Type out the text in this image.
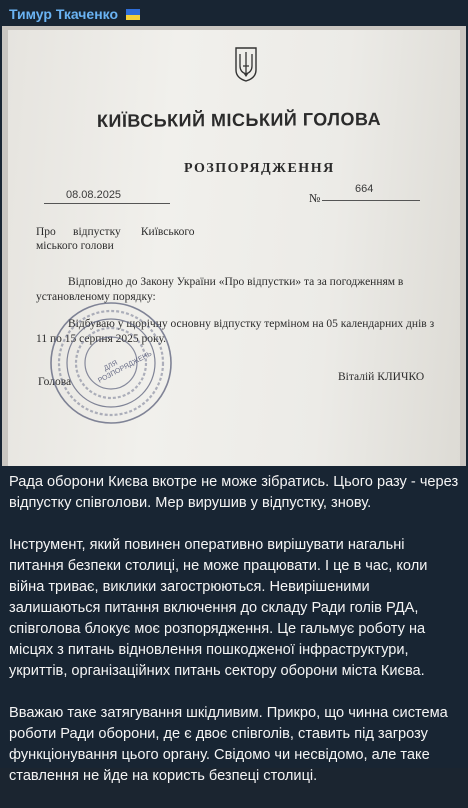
Тимур Ткаченко
КИЇВСЬКИЙ МІСЬКИЙ ГОЛОВА
РОЗПОРЯДЖЕННЯ
08.08.2025	№
664
Про      відпустку       Київського
міського голови
Відповідно до Закону України «Про відпустки» та за погодженням в
установленому порядку:
Відбуваю у щорічну основну відпустку терміном на 05 календарних днів з
11 по 15 серпня 2025 року.
Голова	Віталій КЛИЧКО
ДЛЯ РОЗПОРЯДЖЕНЬ

Рада оборони Києва вкотре не може зібратись. Цього разу - через відпустку співголови. Мер вирушив у відпустку, знову.

Інструмент, який повинен оперативно вирішувати нагальні питання безпеки столиці, не може працювати. І це в час, коли війна триває, виклики загострюються. Невирішеними залишаються питання включення до складу Ради голів РДА, співголова блокує моє розпорядження. Це гальмує роботу на місцях з питань відновлення пошкодженої інфраструктури, укриттів, організаційних питань сектору оборони міста Києва.

Вважаю таке затягування шкідливим. Прикро, що чинна система роботи Ради оборони, де є двоє співголів, ставить під загрозу функціонування цього органу. Свідомо чи несвідомо, але таке ставлення не йде на користь безпеці столиці.
